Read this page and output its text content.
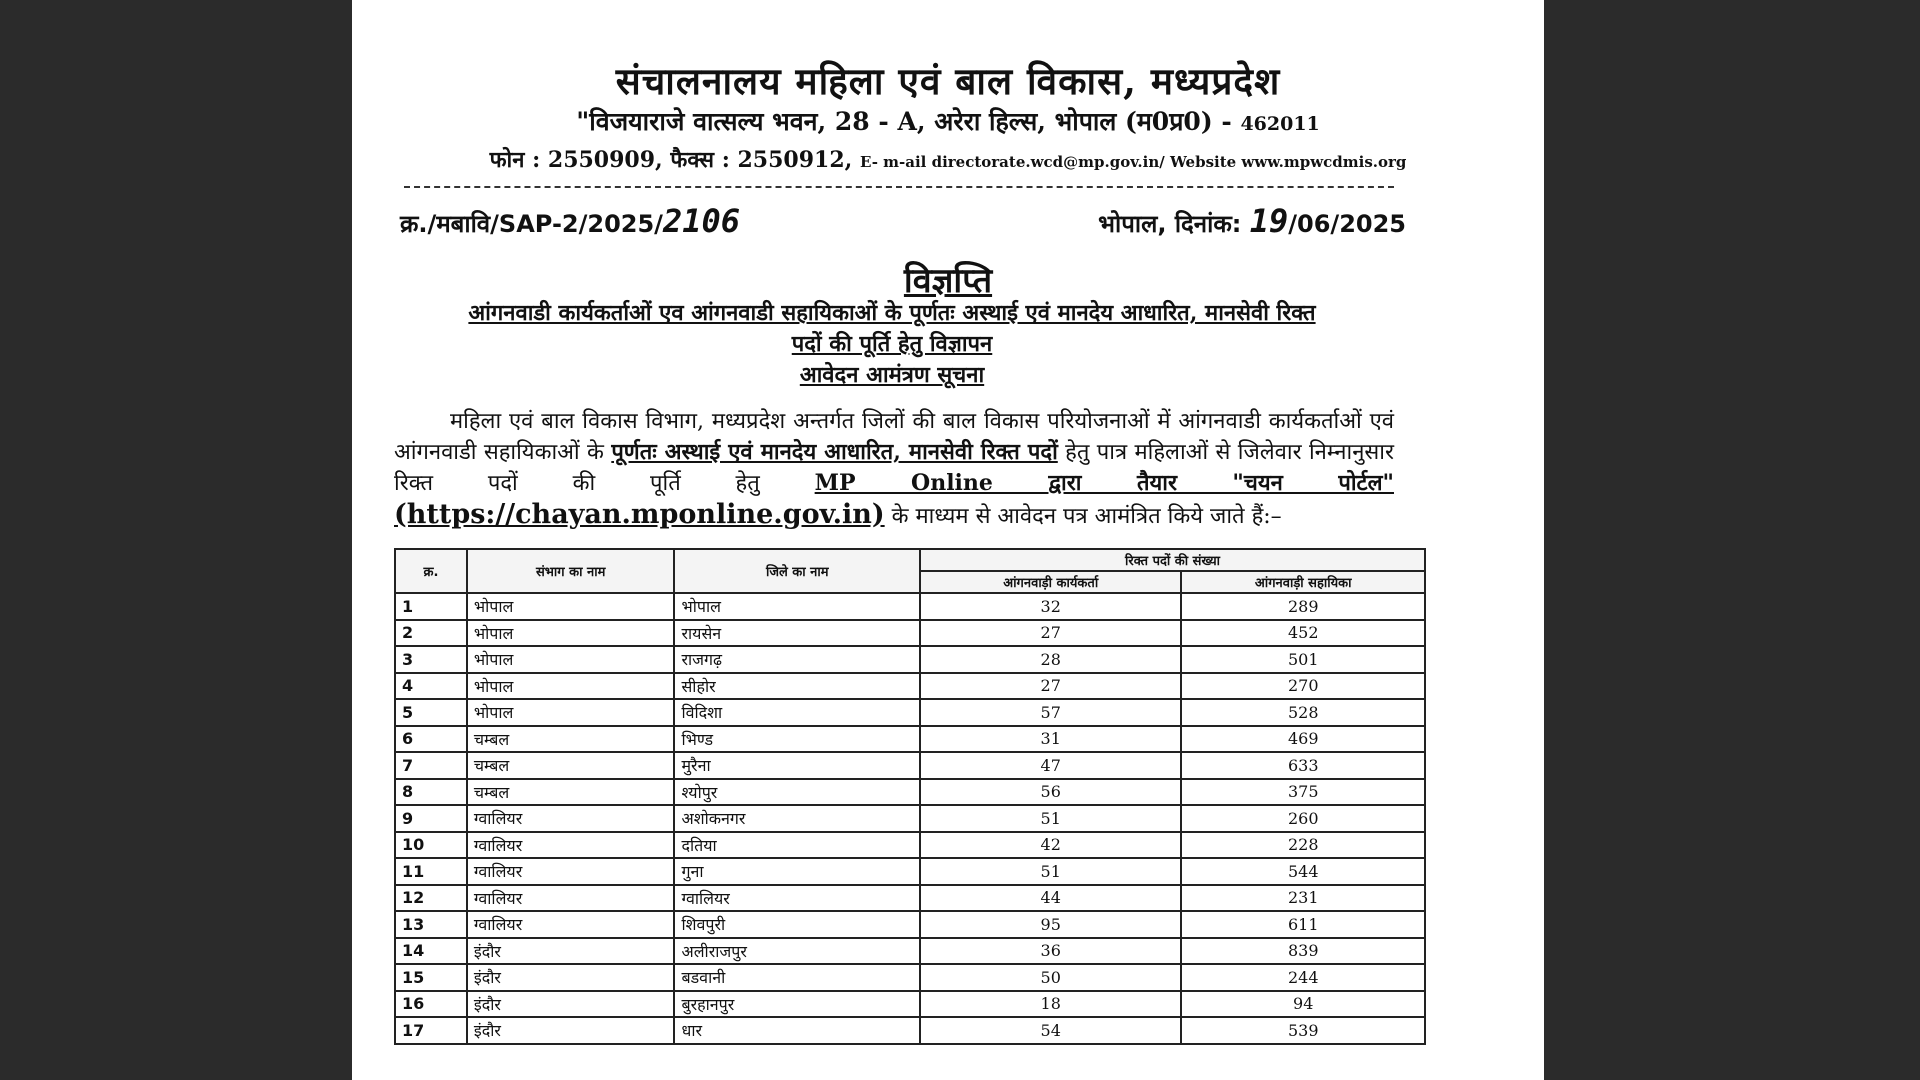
संचालनालय महिला एवं बाल विकास, मध्यप्रदेश
"विजयाराजे वात्सल्य भवन, 28 - A, अरेरा हिल्स, भोपाल (म0प्र0) - 462011
फोन : 2550909, फैक्स : 2550912, E- m-ail directorate.wcd@mp.gov.in/ Website www.mpwcdmis.org
क्र./मबावि/SAP-2/2025/2106	भोपाल, दिनांक: 19/06/2025
विज्ञप्ति
आंगनवाडी कार्यकर्ताओं एव आंगनवाडी सहायिकाओं के पूर्णतः अस्थाई एवं मानदेय आधारित, मानसेवी रिक्त
पदों की पूर्ति हेतु विज्ञापन
आवेदन आमंत्रण सूचना
महिला एवं बाल विकास विभाग, मध्यप्रदेश अन्तर्गत जिलों की बाल विकास परियोजनाओं में आंगनवाडी कार्यकर्ताओं एवं आंगनवाडी सहायिकाओं के पूर्णतः अस्थाई एवं मानदेय आधारित, मानसेवी रिक्त पदों हेतु पात्र महिलाओं से जिलेवार निम्नानुसार रिक्त पदों की पूर्ति हेतु MP Online द्वारा तैयार "चयन पोर्टल" (https://chayan.mponline.gov.in) के माध्यम से आवेदन पत्र आमंत्रित किये जाते हैं:–
क्र.	संभाग का नाम	जिले का नाम	रिक्त पदों की संख्या	
			आंगनवाड़ी कार्यकर्ता	आंगनवाड़ी सहायिका
1	भोपाल	भोपाल	32	289
2	भोपाल	रायसेन	27	452
3	भोपाल	राजगढ़	28	501
4	भोपाल	सीहोर	27	270
5	भोपाल	विदिशा	57	528
6	चम्बल	भिण्ड	31	469
7	चम्बल	मुरैना	47	633
8	चम्बल	श्योपुर	56	375
9	ग्वालियर	अशोकनगर	51	260
10	ग्वालियर	दतिया	42	228
11	ग्वालियर	गुना	51	544
12	ग्वालियर	ग्वालियर	44	231
13	ग्वालियर	शिवपुरी	95	611
14	इंदौर	अलीराजपुर	36	839
15	इंदौर	बडवानी	50	244
16	इंदौर	बुरहानपुर	18	94
17	इंदौर	धार	54	539
